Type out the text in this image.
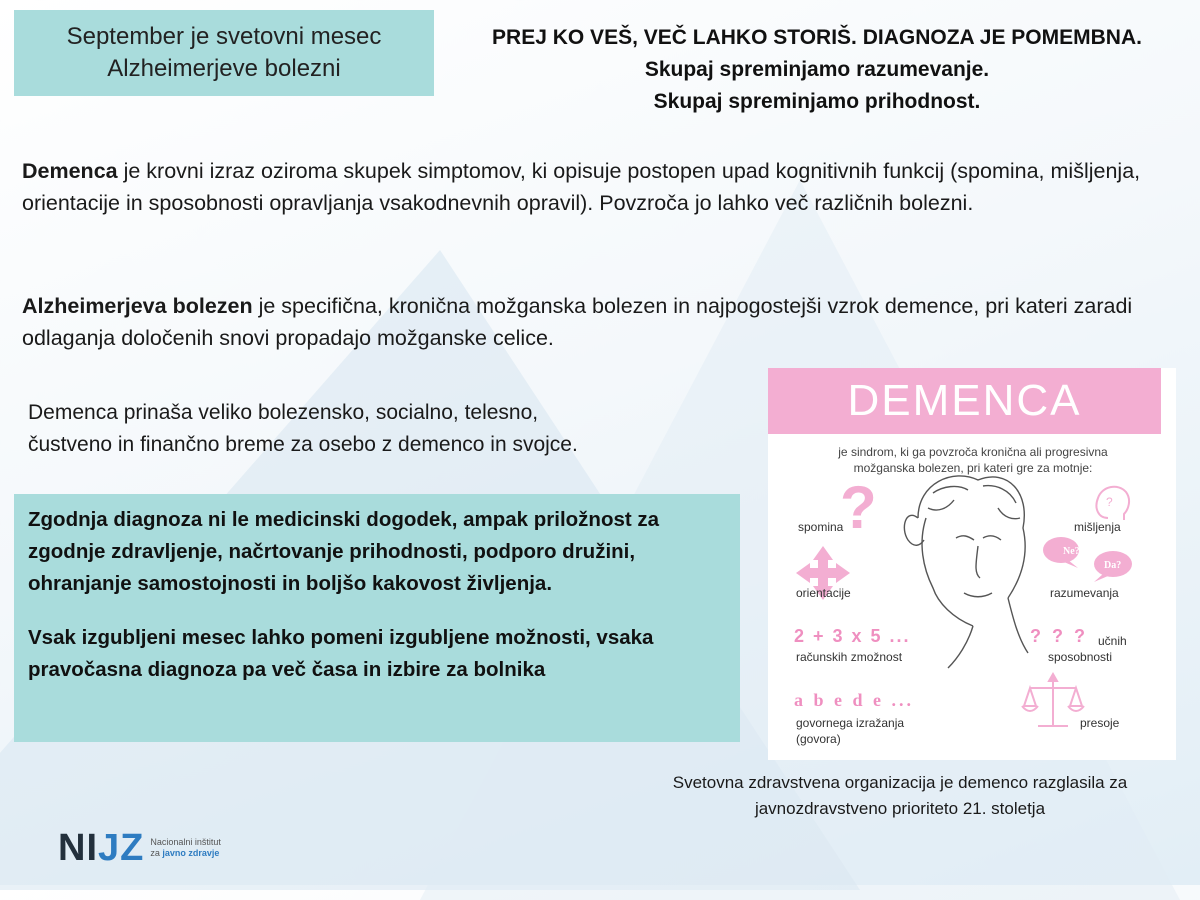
September je svetovni mesec
Alzheimerjeve bolezni
PREJ KO VEŠ, VEČ LAHKO STORIŠ. DIAGNOZA JE POMEMBNA.
Skupaj spreminjamo razumevanje.
Skupaj spreminjamo prihodnost.
Demenca je krovni izraz oziroma skupek simptomov, ki opisuje postopen upad kognitivnih funkcij (spomina, mišljenja, orientacije in sposobnosti opravljanja vsakodnevnih opravil). Povzroča jo lahko več različnih bolezni.
Alzheimerjeva bolezen je specifična, kronična možganska bolezen in najpogostejši vzrok demence, pri kateri zaradi odlaganja določenih snovi propadajo možganske celice.
Demenca prinaša veliko bolezensko, socialno, telesno,
čustveno in finančno breme za osebo z demenco in svojce.
Zgodnja diagnoza ni le medicinski dogodek, ampak priložnost za zgodnje zdravljenje, načrtovanje prihodnosti, podporo družini, ohranjanje samostojnosti in boljšo kakovost življenja.
Vsak izgubljeni mesec lahko pomeni izgubljene možnosti, vsaka pravočasna diagnoza pa več časa in izbire za bolnika
DEMENCA
je sindrom, ki ga povzroča kronična ali progresivna
možganska bolezen, pri kateri gre za motnje:
?	?
Ne?
Da?
spomina	mišljenja
orientacije	razumevanja
2 + 3 x 5 ...
računskih zmožnost
? ? ? učnih
sposobnosti
a b e d e ...
govornega izražanja
(govora)
presoje
Svetovna zdravstvena organizacija je demenco razglasila za
javnozdravstveno prioriteto 21. stoletja
NIJZ Nacionalni inštitut
za javno zdravje
